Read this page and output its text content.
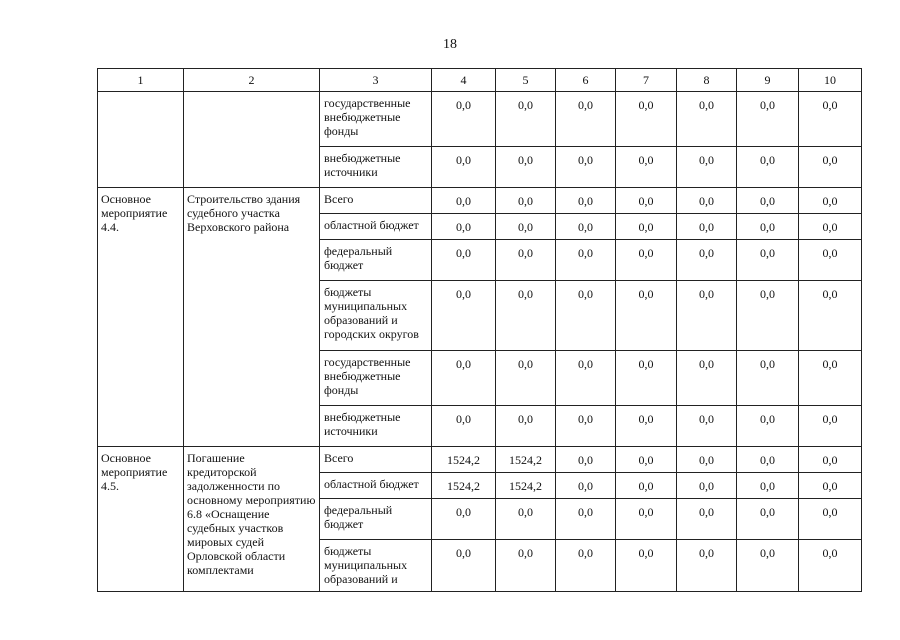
18
1	2	3	4	5	6	7	8	9	10
		государственные внебюджетные фонды	0,0	0,0	0,0	0,0	0,0	0,0	0,0
		внебюджетные источники	0,0	0,0	0,0	0,0	0,0	0,0	0,0
Основное мероприятие 4.4.	Строительство здания судебного участка Верховского района	Всего	0,0	0,0	0,0	0,0	0,0	0,0	0,0
		областной бюджет	0,0	0,0	0,0	0,0	0,0	0,0	0,0
		федеральный бюджет	0,0	0,0	0,0	0,0	0,0	0,0	0,0
		бюджеты муниципальных образований и городских округов	0,0	0,0	0,0	0,0	0,0	0,0	0,0
		государственные внебюджетные фонды	0,0	0,0	0,0	0,0	0,0	0,0	0,0
		внебюджетные источники	0,0	0,0	0,0	0,0	0,0	0,0	0,0
Основное мероприятие 4.5.	Погашение кредиторской задолженности по основному мероприятию 6.8 «Оснащение судебных участков мировых судей Орловской области комплектами	Всего	1524,2	1524,2	0,0	0,0	0,0	0,0	0,0
		областной бюджет	1524,2	1524,2	0,0	0,0	0,0	0,0	0,0
		федеральный бюджет	0,0	0,0	0,0	0,0	0,0	0,0	0,0
		бюджеты муниципальных образований и	0,0	0,0	0,0	0,0	0,0	0,0	0,0
